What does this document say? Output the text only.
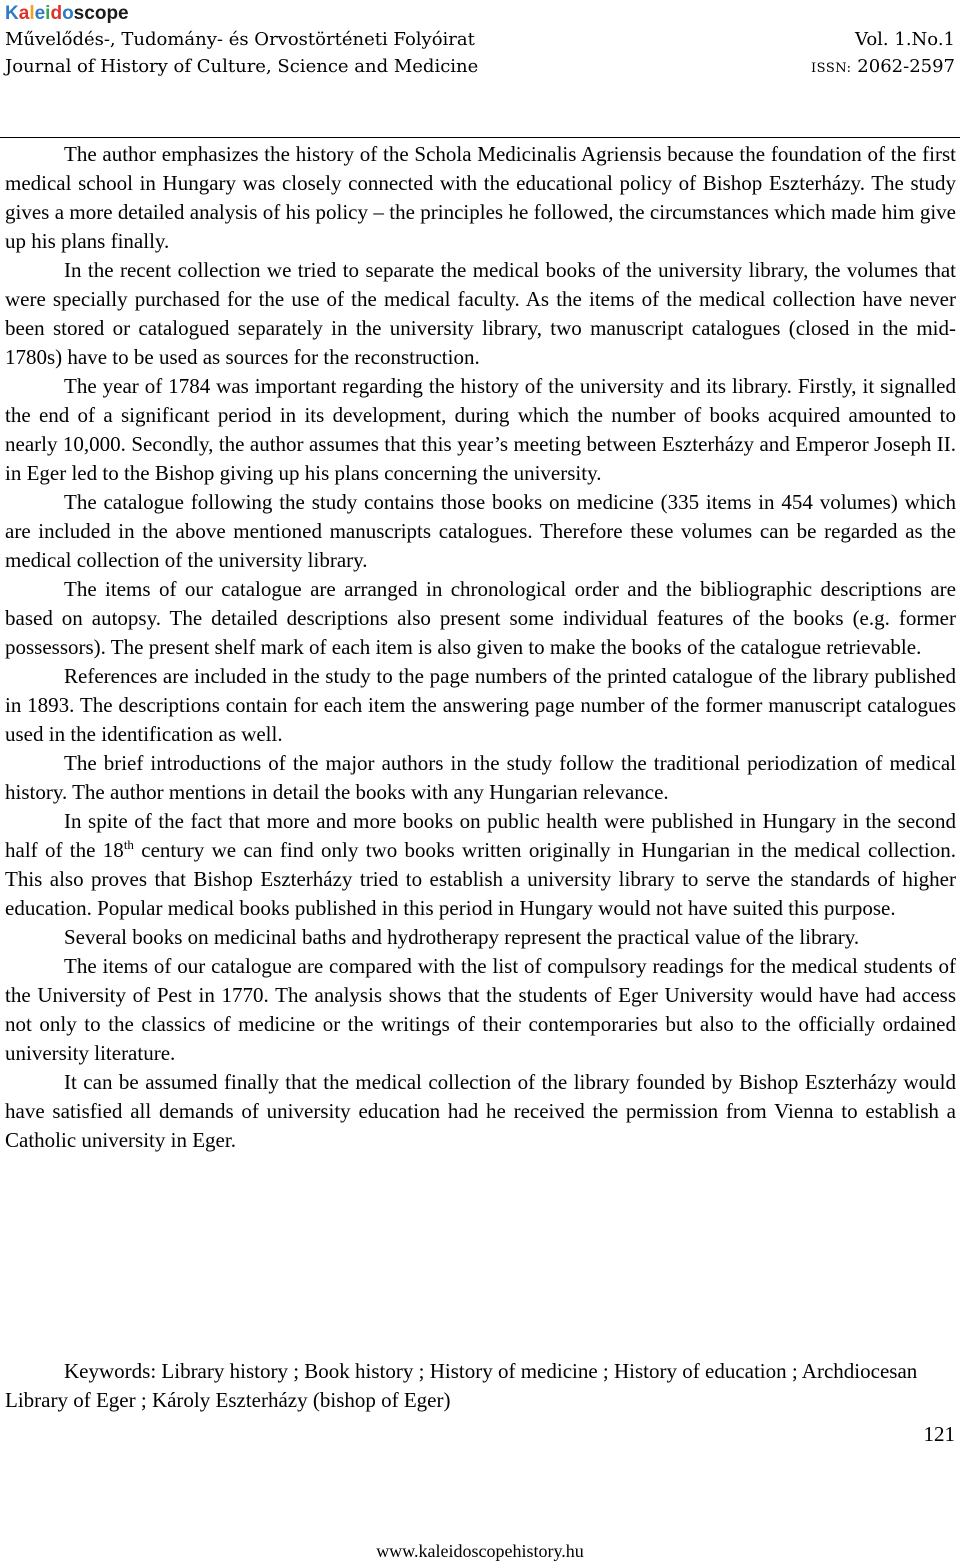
Kaleidoscope
Művelődés-, Tudomány- és Orvostörténeti Folyóirat	Vol. 1.No.1
Journal of History of Culture, Science and Medicine	ISSN: 2062-2597

The author emphasizes the history of the Schola Medicinalis Agriensis because the foundation of the first medical school in Hungary was closely connected with the educational policy of Bishop Eszterházy. The study gives a more detailed analysis of his policy – the principles he followed, the circumstances which made him give up his plans finally.

In the recent collection we tried to separate the medical books of the university library, the volumes that were specially purchased for the use of the medical faculty. As the items of the medical collection have never been stored or catalogued separately in the university library, two manuscript catalogues (closed in the mid-1780s) have to be used as sources for the reconstruction.

The year of 1784 was important regarding the history of the university and its library. Firstly, it signalled the end of a significant period in its development, during which the number of books acquired amounted to nearly 10,000. Secondly, the author assumes that this year’s meeting between Eszterházy and Emperor Joseph II. in Eger led to the Bishop giving up his plans concerning the university.

The catalogue following the study contains those books on medicine (335 items in 454 volumes) which are included in the above mentioned manuscripts catalogues. Therefore these volumes can be regarded as the medical collection of the university library.

The items of our catalogue are arranged in chronological order and the bibliographic descriptions are based on autopsy. The detailed descriptions also present some individual features of the books (e.g. former possessors). The present shelf mark of each item is also given to make the books of the catalogue retrievable.

References are included in the study to the page numbers of the printed catalogue of the library published in 1893. The descriptions contain for each item the answering page number of the former manuscript catalogues used in the identification as well.

The brief introductions of the major authors in the study follow the traditional periodization of medical history. The author mentions in detail the books with any Hungarian relevance.

In spite of the fact that more and more books on public health were published in Hungary in the second half of the 18th century we can find only two books written originally in Hungarian in the medical collection. This also proves that Bishop Eszterházy tried to establish a university library to serve the standards of higher education. Popular medical books published in this period in Hungary would not have suited this purpose.

Several books on medicinal baths and hydrotherapy represent the practical value of the library.

The items of our catalogue are compared with the list of compulsory readings for the medical students of the University of Pest in 1770. The analysis shows that the students of Eger University would have had access not only to the classics of medicine or the writings of their contemporaries but also to the officially ordained university literature.

It can be assumed finally that the medical collection of the library founded by Bishop Eszterházy would have satisfied all demands of university education had he received the permission from Vienna to establish a Catholic university in Eger.

Keywords: Library history ; Book history ; History of medicine ; History of education ; Archdiocesan Library of Eger ; Károly Eszterházy (bishop of Eger)

121
www.kaleidoscopehistory.hu
